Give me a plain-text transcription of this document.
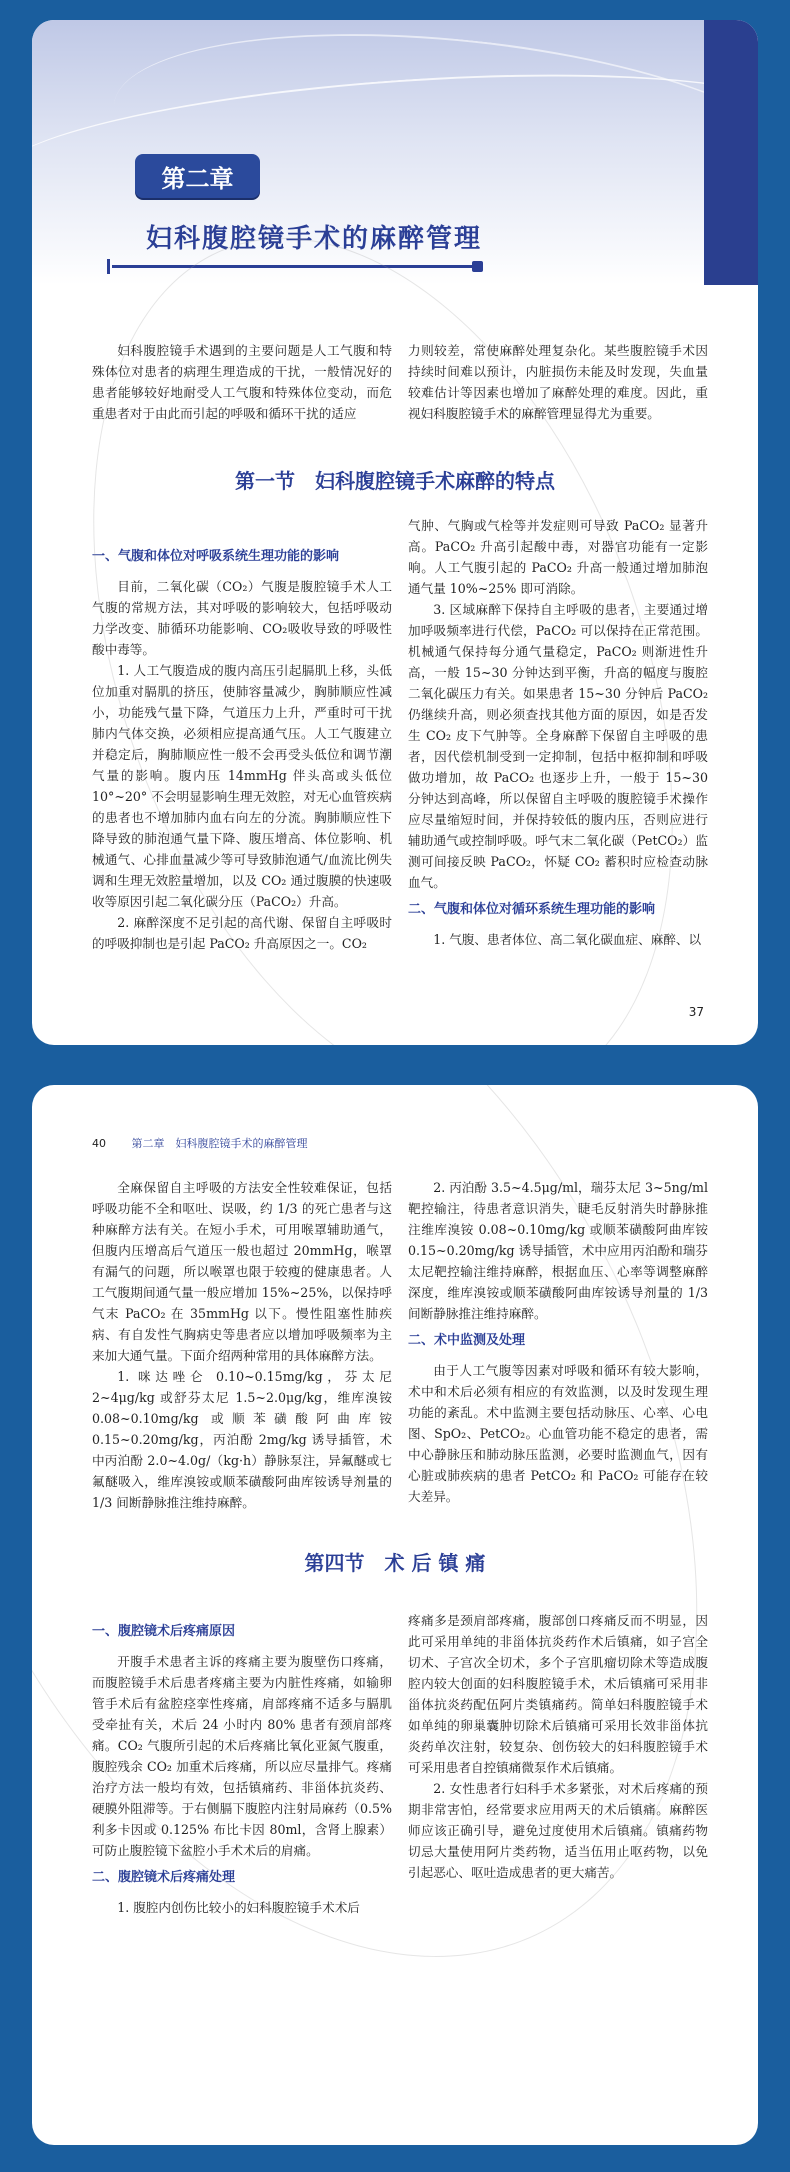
第二章
妇科腹腔镜手术的麻醉管理

妇科腹腔镜手术遇到的主要问题是人工气腹和特殊体位对患者的病理生理造成的干扰，一般情况好的患者能够较好地耐受人工气腹和特殊体位变动，而危重患者对于由此而引起的呼吸和循环干扰的适应

力则较差，常使麻醉处理复杂化。某些腹腔镜手术因持续时间难以预计，内脏损伤未能及时发现，失血量较难估计等因素也增加了麻醉处理的难度。因此，重视妇科腹腔镜手术的麻醉管理显得尤为重要。

第一节　妇科腹腔镜手术麻醉的特点
一、气腹和体位对呼吸系统生理功能的影响

目前，二氧化碳（CO₂）气腹是腹腔镜手术人工气腹的常规方法，其对呼吸的影响较大，包括呼吸动力学改变、肺循环功能影响、CO₂吸收导致的呼吸性酸中毒等。

1. 人工气腹造成的腹内高压引起膈肌上移，头低位加重对膈肌的挤压，使肺容量减少，胸肺顺应性减小，功能残气量下降，气道压力上升，严重时可干扰肺内气体交换，必须相应提高通气压。人工气腹建立并稳定后，胸肺顺应性一般不会再受头低位和调节潮气量的影响。腹内压 14mmHg 伴头高或头低位 10°~20° 不会明显影响生理无效腔，对无心血管疾病的患者也不增加肺内血右向左的分流。胸肺顺应性下降导致的肺泡通气量下降、腹压增高、体位影响、机械通气、心排血量减少等可导致肺泡通气/血流比例失调和生理无效腔量增加，以及 CO₂ 通过腹膜的快速吸收等原因引起二氧化碳分压（PaCO₂）升高。

2. 麻醉深度不足引起的高代谢、保留自主呼吸时的呼吸抑制也是引起 PaCO₂ 升高原因之一。CO₂

气肿、气胸或气栓等并发症则可导致 PaCO₂ 显著升高。PaCO₂ 升高引起酸中毒，对器官功能有一定影响。人工气腹引起的 PaCO₂ 升高一般通过增加肺泡通气量 10%~25% 即可消除。

3. 区域麻醉下保持自主呼吸的患者，主要通过增加呼吸频率进行代偿，PaCO₂ 可以保持在正常范围。机械通气保持每分通气量稳定，PaCO₂ 则渐进性升高，一般 15~30 分钟达到平衡，升高的幅度与腹腔二氧化碳压力有关。如果患者 15~30 分钟后 PaCO₂ 仍继续升高，则必须查找其他方面的原因，如是否发生 CO₂ 皮下气肿等。全身麻醉下保留自主呼吸的患者，因代偿机制受到一定抑制，包括中枢抑制和呼吸做功增加，故 PaCO₂ 也逐步上升，一般于 15~30 分钟达到高峰，所以保留自主呼吸的腹腔镜手术操作应尽量缩短时间，并保持较低的腹内压，否则应进行辅助通气或控制呼吸。呼气末二氧化碳（PetCO₂）监测可间接反映 PaCO₂，怀疑 CO₂ 蓄积时应检查动脉血气。

二、气腹和体位对循环系统生理功能的影响

1. 气腹、患者体位、高二氧化碳血症、麻醉、以

37
40 第二章　妇科腹腔镜手术的麻醉管理

全麻保留自主呼吸的方法安全性较难保证，包括呼吸功能不全和呕吐、误吸，约 1/3 的死亡患者与这种麻醉方法有关。在短小手术，可用喉罩辅助通气，但腹内压增高后气道压一般也超过 20mmHg，喉罩有漏气的问题，所以喉罩也限于较瘦的健康患者。人工气腹期间通气量一般应增加 15%~25%，以保持呼气末 PaCO₂ 在 35mmHg 以下。慢性阻塞性肺疾病、有自发性气胸病史等患者应以增加呼吸频率为主来加大通气量。下面介绍两种常用的具体麻醉方法。

1. 咪达唑仑 0.10~0.15mg/kg，芬太尼 2~4μg/kg 或舒芬太尼 1.5~2.0μg/kg，维库溴铵 0.08~0.10mg/kg 或顺苯磺酸阿曲库铵 0.15~0.20mg/kg，丙泊酚 2mg/kg 诱导插管，术中丙泊酚 2.0~4.0g/（kg·h）静脉泵注，异氟醚或七氟醚吸入，维库溴铵或顺苯磺酸阿曲库铵诱导剂量的 1/3 间断静脉推注维持麻醉。

2. 丙泊酚 3.5~4.5μg/ml，瑞芬太尼 3~5ng/ml 靶控输注，待患者意识消失，睫毛反射消失时静脉推注维库溴铵 0.08~0.10mg/kg 或顺苯磺酸阿曲库铵 0.15~0.20mg/kg 诱导插管，术中应用丙泊酚和瑞芬太尼靶控输注维持麻醉，根据血压、心率等调整麻醉深度，维库溴铵或顺苯磺酸阿曲库铵诱导剂量的 1/3 间断静脉推注维持麻醉。

二、术中监测及处理

由于人工气腹等因素对呼吸和循环有较大影响，术中和术后必须有相应的有效监测，以及时发现生理功能的紊乱。术中监测主要包括动脉压、心率、心电图、SpO₂、PetCO₂。心血管功能不稳定的患者，需中心静脉压和肺动脉压监测，必要时监测血气，因有心脏或肺疾病的患者 PetCO₂ 和 PaCO₂ 可能存在较大差异。

第四节　术 后 镇 痛
一、腹腔镜术后疼痛原因

开腹手术患者主诉的疼痛主要为腹壁伤口疼痛，而腹腔镜手术后患者疼痛主要为内脏性疼痛，如输卵管手术后有盆腔痉挛性疼痛，肩部疼痛不适多与膈肌受牵扯有关，术后 24 小时内 80% 患者有颈肩部疼痛。CO₂ 气腹所引起的术后疼痛比氧化亚氮气腹重，腹腔残余 CO₂ 加重术后疼痛，所以应尽量排气。疼痛治疗方法一般均有效，包括镇痛药、非甾体抗炎药、硬膜外阻滞等。于右侧膈下腹腔内注射局麻药（0.5% 利多卡因或 0.125% 布比卡因 80ml，含肾上腺素）可防止腹腔镜下盆腔小手术术后的肩痛。

二、腹腔镜术后疼痛处理

1. 腹腔内创伤比较小的妇科腹腔镜手术术后

疼痛多是颈肩部疼痛，腹部创口疼痛反而不明显，因此可采用单纯的非甾体抗炎药作术后镇痛，如子宫全切术、子宫次全切术，多个子宫肌瘤切除术等造成腹腔内较大创面的妇科腹腔镜手术，术后镇痛可采用非甾体抗炎药配伍阿片类镇痛药。简单妇科腹腔镜手术如单纯的卵巢囊肿切除术后镇痛可采用长效非甾体抗炎药单次注射，较复杂、创伤较大的妇科腹腔镜手术可采用患者自控镇痛微泵作术后镇痛。

2. 女性患者行妇科手术多紧张，对术后疼痛的预期非常害怕，经常要求应用两天的术后镇痛。麻醉医师应该正确引导，避免过度使用术后镇痛。镇痛药物切忌大量使用阿片类药物，适当伍用止呕药物，以免引起恶心、呕吐造成患者的更大痛苦。
